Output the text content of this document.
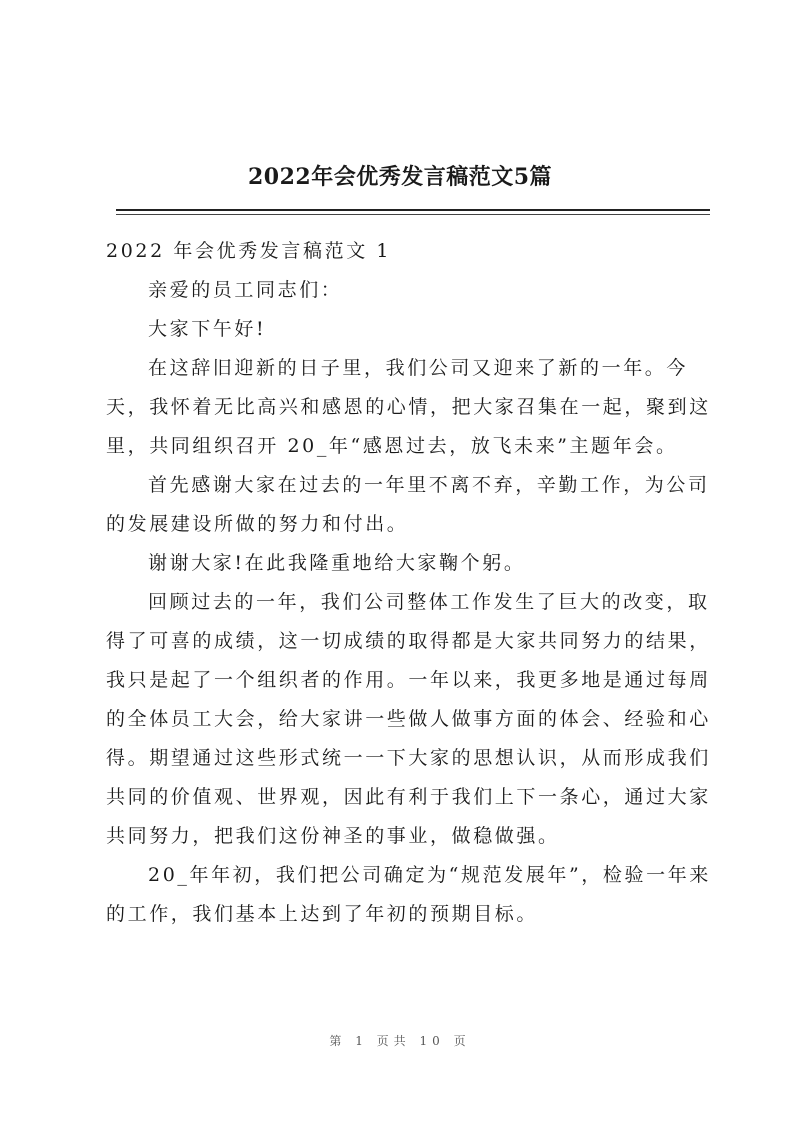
2022年会优秀发言稿范文5篇
2022 年会优秀发言稿范文 1
亲爱的员工同志们：
大家下午好!
在这辞旧迎新的日子里，我们公司又迎来了新的一年。今
天，我怀着无比高兴和感恩的心情，把大家召集在一起，聚到这
里，共同组织召开 20_年“感恩过去，放飞未来”主题年会。
首先感谢大家在过去的一年里不离不弃，辛勤工作，为公司
的发展建设所做的努力和付出。
谢谢大家!在此我隆重地给大家鞠个躬。
回顾过去的一年，我们公司整体工作发生了巨大的改变，取
得了可喜的成绩，这一切成绩的取得都是大家共同努力的结果，
我只是起了一个组织者的作用。一年以来，我更多地是通过每周
的全体员工大会，给大家讲一些做人做事方面的体会、经验和心
得。期望通过这些形式统一一下大家的思想认识，从而形成我们
共同的价值观、世界观，因此有利于我们上下一条心，通过大家
共同努力，把我们这份神圣的事业，做稳做强。
20_年年初，我们把公司确定为“规范发展年”，检验一年来
的工作，我们基本上达到了年初的预期目标。
第 1 页共 10 页
